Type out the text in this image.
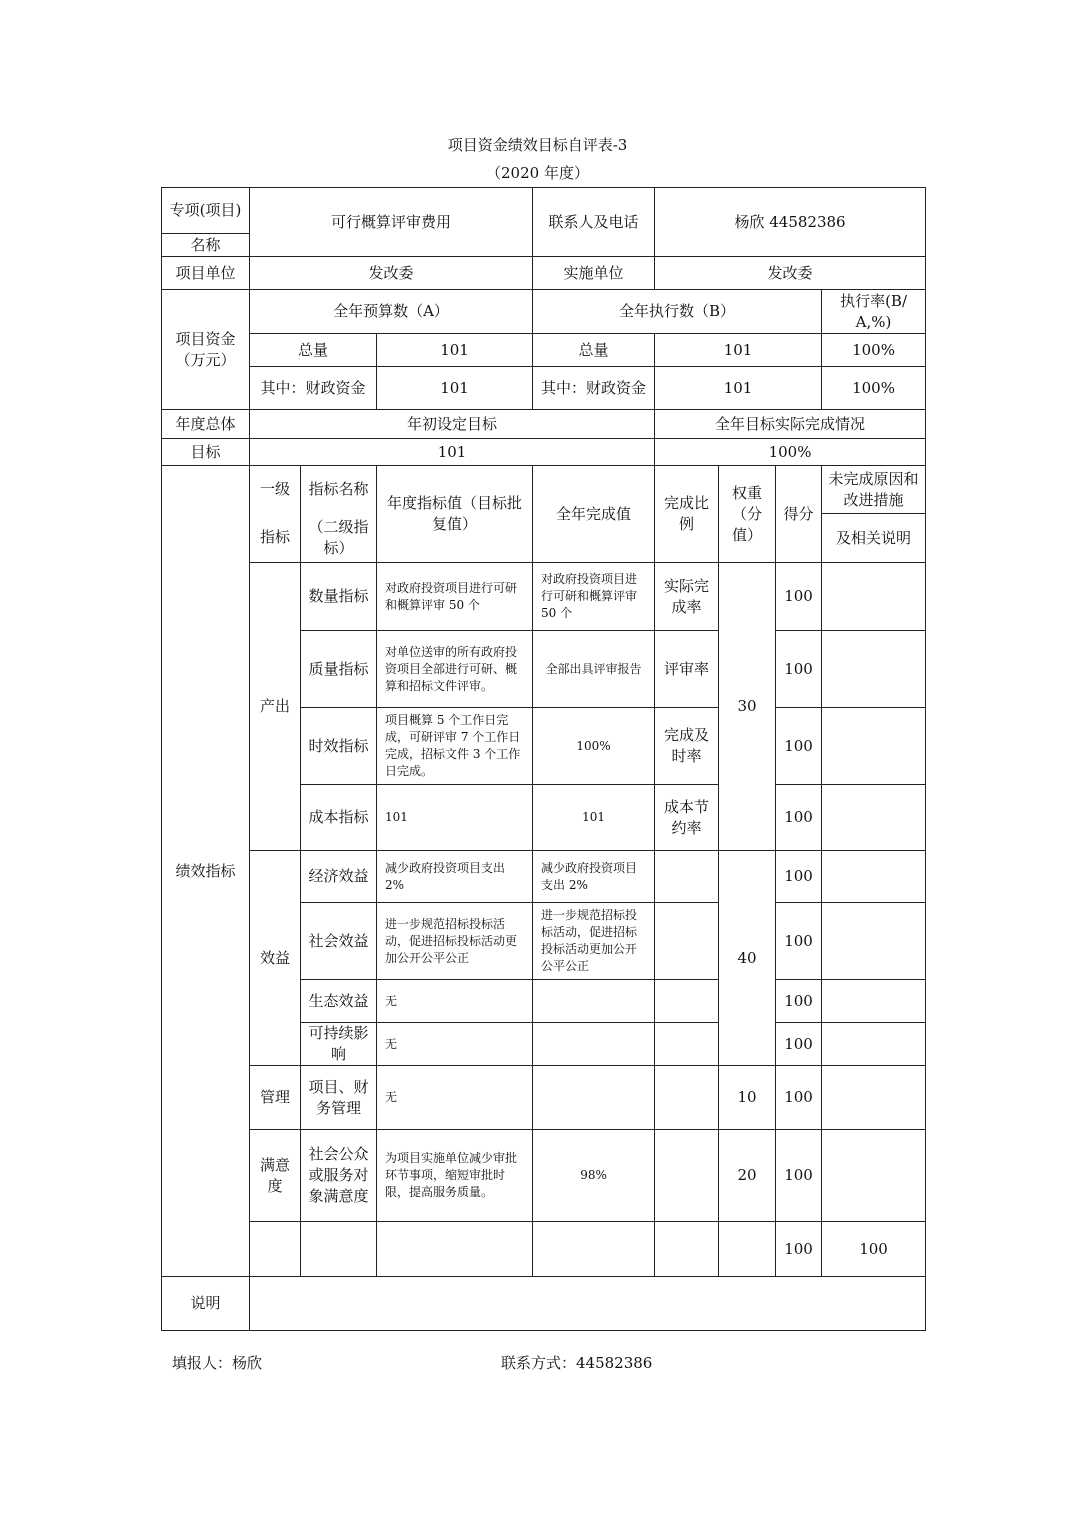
项目资金绩效目标自评表-3
（2020 年度）
专项(项目)	可行概算评审费用			联系人及电话	杨欣 44582386				
名称									
项目单位	发改委			实施单位	发改委				
项目资金（万元）	全年预算数（A）			全年执行数（B）				执行率(B/A,%)	
	总量		101	总量	101			100%	
	其中：财政资金		101	其中：财政资金	101			100%	
年度总体	年初设定目标				全年目标实际完成情况				
目标	101				100%				
绩效指标	一级	指标名称	年度指标值（目标批复值）	全年完成值	完成比例	权重（分值）	得分	未完成原因和改进措施	
	指标	（二级指标）						及相关说明	
	产出	数量指标	对政府投资项目进行可研和概算评审 50 个	对政府投资项目进行可研和概算评审 50 个	实际完成率	30	100		
		质量指标	对单位送审的所有政府投资项目全部进行可研、概算和招标文件评审。	全部出具评审报告	评审率		100		
		时效指标	项目概算 5 个工作日完成，可研评审 7 个工作日完成，招标文件 3 个工作日完成。	100%	完成及时率		100		
		成本指标	101	101	成本节约率		100		
	效益	经济效益	减少政府投资项目支出 2%	减少政府投资项目支出 2%		40	100		
		社会效益	进一步规范招标投标活动，促进招标投标活动更加公开公平公正	进一步规范招标投标活动，促进招标投标活动更加公开公平公正			100		
		生态效益	无				100		
		可持续影响	无				100		
	管理	项目、财务管理	无			10	100		
	满意度	社会公众或服务对象满意度	为项目实施单位减少审批环节事项，缩短审批时限，提高服务质量。	98%		20	100		
							100	100	
说明									
填报人：杨欣	联系方式：44582386
